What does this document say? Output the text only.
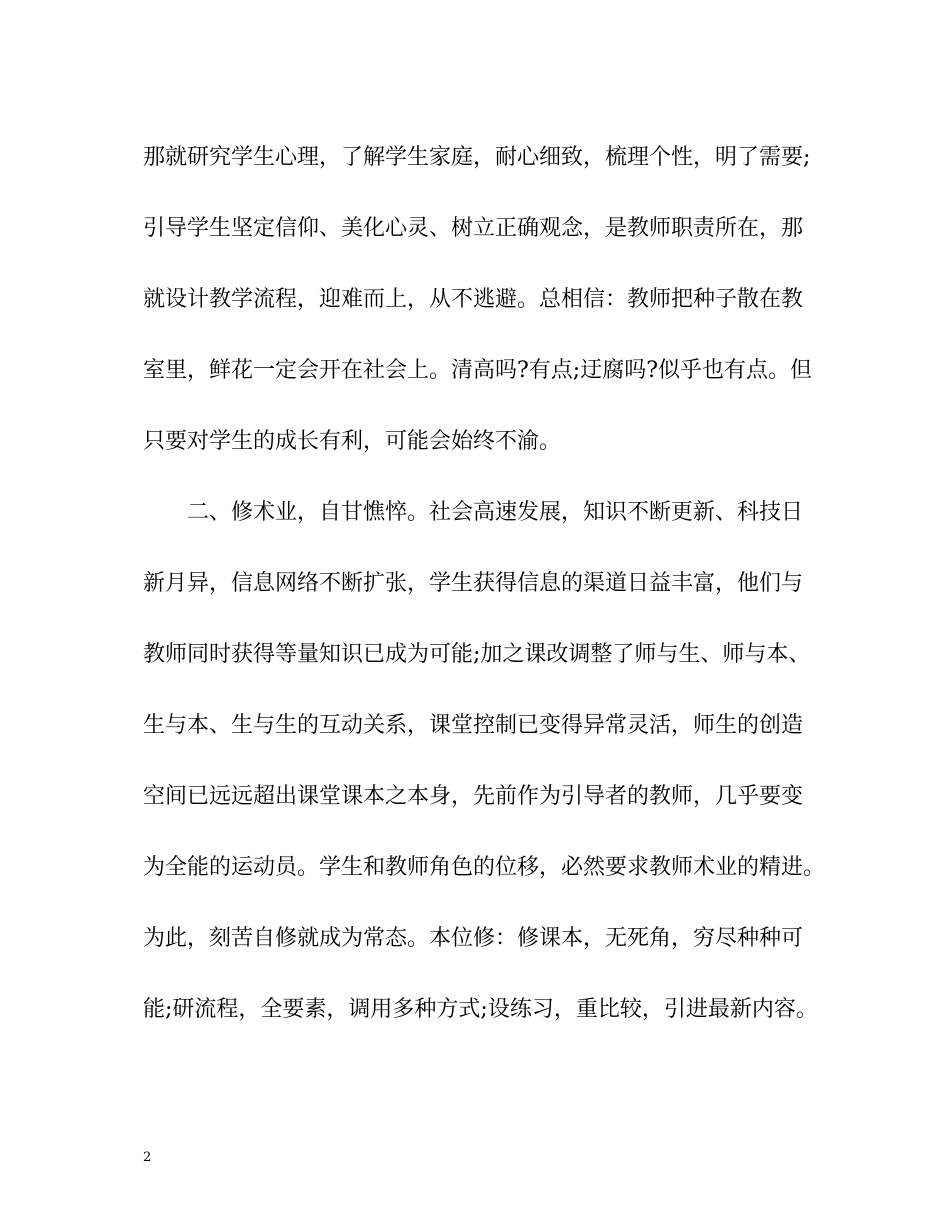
那就研究学生心理，了解学生家庭，耐心细致，梳理个性，明了需要;
引导学生坚定信仰、美化心灵、树立正确观念，是教师职责所在，那
就设计教学流程，迎难而上，从不逃避。总相信：教师把种子散在教
室里，鲜花一定会开在社会上。清高吗?有点;迂腐吗?似乎也有点。但
只要对学生的成长有利，可能会始终不渝。
二、修术业，自甘憔悴。社会高速发展，知识不断更新、科技日
新月异，信息网络不断扩张，学生获得信息的渠道日益丰富，他们与
教师同时获得等量知识已成为可能;加之课改调整了师与生、师与本、
生与本、生与生的互动关系，课堂控制已变得异常灵活，师生的创造
空间已远远超出课堂课本之本身，先前作为引导者的教师，几乎要变
为全能的运动员。学生和教师角色的位移，必然要求教师术业的精进。
为此，刻苦自修就成为常态。本位修：修课本，无死角，穷尽种种可
能;研流程，全要素，调用多种方式;设练习，重比较，引进最新内容。
2
